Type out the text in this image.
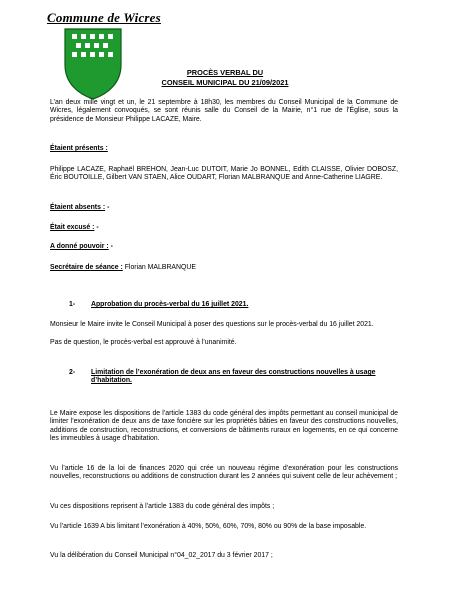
Commune de Wicres
PROCÈS VERBAL DU
CONSEIL MUNICIPAL DU 21/09/2021

L’an deux mille vingt et un, le 21 septembre à 18h30, les membres du Conseil Municipal de la Commune de Wicres, légalement convoqués, se sont réunis salle du Conseil de la Mairie, n°1 rue de l’Église, sous la présidence de Monsieur Philippe LACAZE, Maire.

Étaient présents :

Philippe LACAZE, Raphaël BREHON, Jean-Luc DUTOIT, Marie Jo BONNEL, Edith CLAISSE, Olivier DOBOSZ, Éric BOUTOILLE, Gilbert VAN STAEN, Alice OUDART, Florian MALBRANQUE and Anne-Catherine LIAGRE.

Étaient absents : -

Était excusé : -

A donné pouvoir : -

Secrétaire de séance : Florian MALBRANQUE

1-	Approbation du procès-verbal du 16 juillet 2021.

Monsieur le Maire invite le Conseil Municipal à poser des questions sur le procès-verbal du 16 juillet 2021.

Pas de question, le procès-verbal est approuvé à l’unanimité.

2-	Limitation de l’exonération de deux ans en faveur des constructions nouvelles à usage d’habitation.

Le Maire expose les dispositions de l’article 1383 du code général des impôts permettant au conseil municipal de limiter l’exonération de deux ans de taxe foncière sur les propriétés bâties en faveur des constructions nouvelles, additions de construction, reconstructions, et conversions de bâtiments ruraux en logements, en ce qui concerne les immeubles à usage d’habitation.

Vu l’article 16 de la loi de finances 2020 qui crée un nouveau régime d’exonération pour les constructions nouvelles, reconstructions ou additions de construction durant les 2 années qui suivent celle de leur achèvement ;

Vu ces dispositions reprisent à l’article 1383 du code général des impôts ;

Vu l’article 1639 A bis limitant l’exonération à 40%, 50%, 60%, 70%, 80% ou 90% de la base imposable.

Vu la délibération du Conseil Municipal n°04_02_2017 du 3 février 2017 ;
